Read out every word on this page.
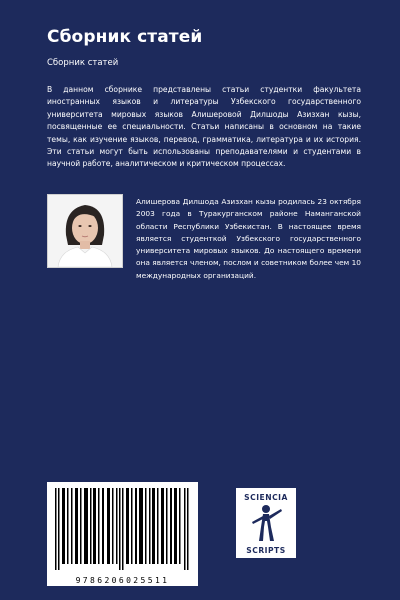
Сборник статей
Сборник статей

В данном сборнике представлены статьи студентки факультета иностранных языков и литературы Узбекского государственного университета мировых языков Алишеровой Дилшоды Азизхан кызы, посвященные ее специальности. Статьи написаны в основном на такие темы, как изучение языков, перевод, грамматика, литература и их история. Эти статьи могут быть использованы преподавателями и студентами в научной работе, аналитическом и критическом процессах.

Алишерова Дилшода Азизхан кызы родилась 23 октября 2003 года в Туракурганском районе Наманганской области Республики Узбекистан. В настоящее время является студенткой Узбекского государственного университета мировых языков. До настоящего времени она является членом, послом и советником более чем 10 международных организаций.

9786206025511
SCIENCIA
SCRIPTS
